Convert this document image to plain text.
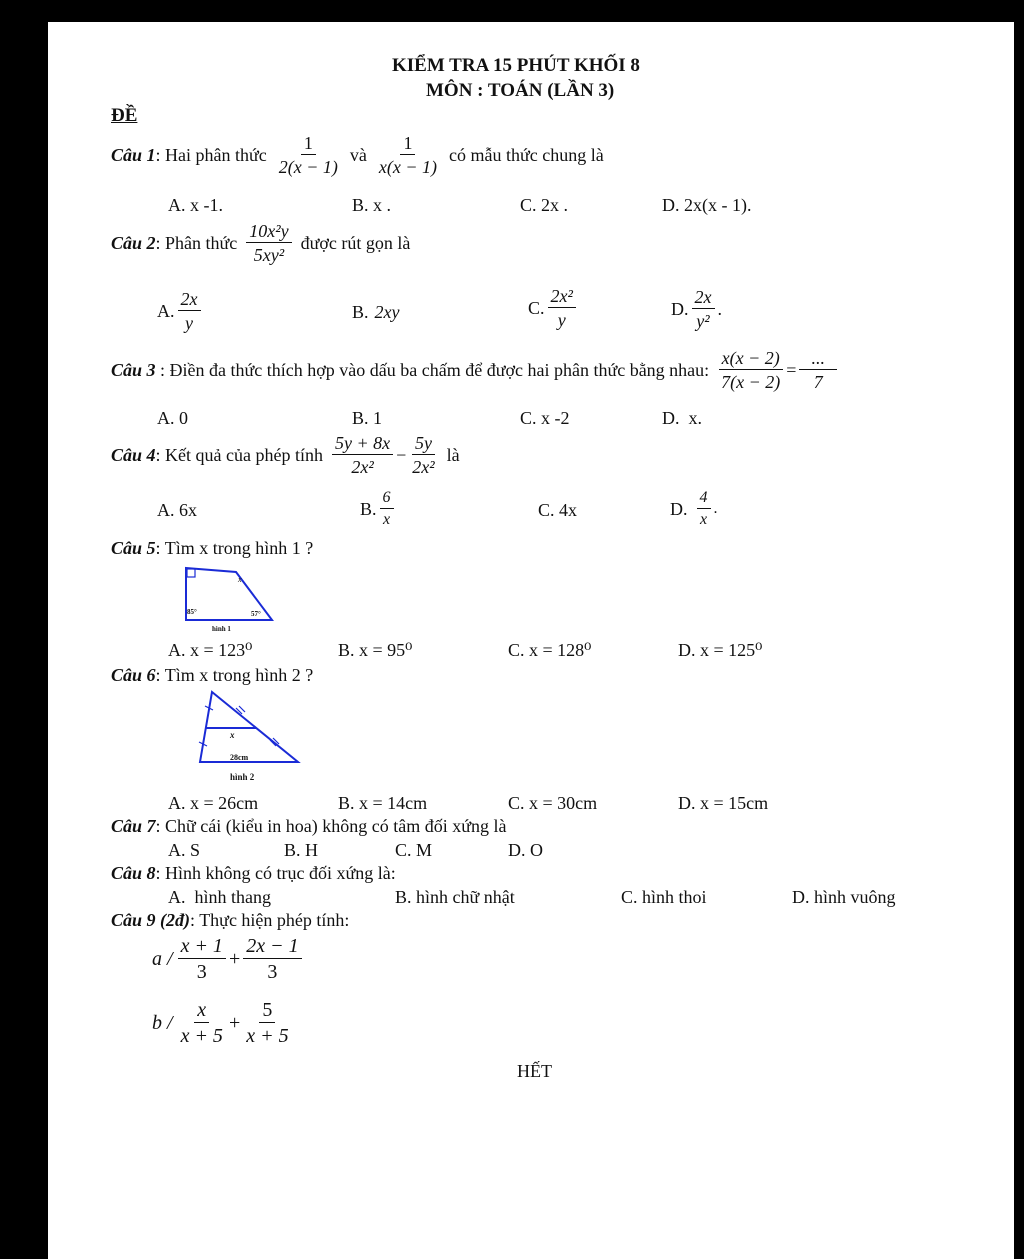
KIỂM TRA 15 PHÚT KHỐI 8
MÔN : TOÁN (LẦN 3)
ĐỀ
Câu 1 : Hai phân thức $\frac{1}{2(x - 1)}$ và $\frac{1}{x(x - 1)}$ có mẫu thức chung là
A. x -1.	B. x .	C. 2x .	D. 2x(x - 1).
Câu 2 : Phân thức $\frac{\text{10x²y}}{\text{5xy²}}$ được rút gọn là
A. $\frac{2x}{y}$	B. 2xy	C. $\frac{\text{2x²}}{y}$	D. $\frac{2x}{\text{y²}}$ .
Câu 3 : Điền đa thức thích hợp vào dấu ba chấm để được hai phân thức bằng nhau: $\frac{x(x - 2)}{7(x - 2)} = \frac{...}{7}$
A. 0	B. 1	C. x -2	D.  x.
Câu 4 : Kết quả của phép tính $\frac{5y + 8x}{\text{2x²}} - \frac{5y}{\text{2x²}}$ là
A. 6x	B. $\frac{6}{x}$	C. 4x	D. $\frac{4}{x}$ .
Câu 5: Tìm x trong hình 1 ?
x
85°	57°
hình 1
A. x = 123⁰	B. x = 95⁰	C. x = 128⁰	D. x = 125⁰
Câu 6: Tìm x trong hình 2 ?
x
28cm
hình 2
A. x = 26cm	B. x = 14cm	C. x = 30cm	D. x = 15cm
Câu 7: Chữ cái (kiểu in hoa) không có tâm đối xứng là
A. S	B. H	C. M	D. O
Câu 8: Hình không có trục đối xứng là:
A.  hình thang	B. hình chữ nhật	C. hình thoi	D. hình vuông
Câu 9 (2đ): Thực hiện phép tính:
$a / \frac{x + 1}{3} + \frac{2x - 1}{3}$
$b / \frac{x}{x + 5} + \frac{5}{x + 5}$
HẾT
